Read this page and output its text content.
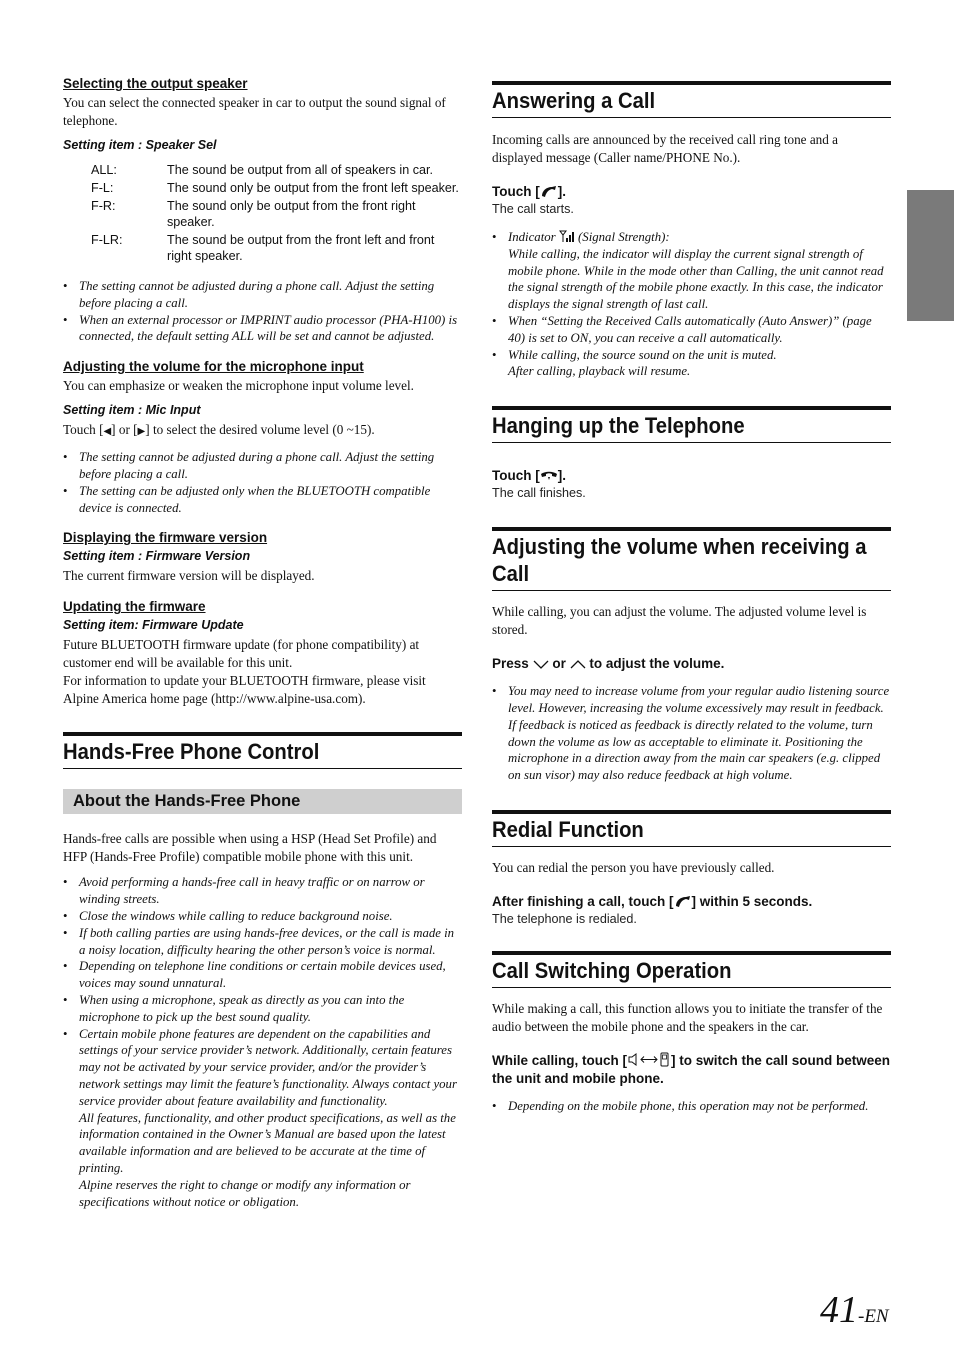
Selecting the output speaker

You can select the connected speaker in car to output the sound signal of telephone.

Setting item : Speaker Sel
ALL:	The sound be output from all of speakers in car.
F-L:	The sound only be output from the front left speaker.
F-R:	The sound only be output from the front right speaker.
F-LR:	The sound be output from the front left and front right speaker.
• The setting cannot be adjusted during a phone call. Adjust the setting before placing a call.
• When an external processor or IMPRINT audio processor (PHA-H100) is connected, the default setting ALL will be set and cannot be adjusted.
Adjusting the volume for the microphone input

You can emphasize or weaken the microphone input volume level.

Setting item : Mic Input

Touch [◀] or [▶] to select the desired volume level (0 ~15).

• The setting cannot be adjusted during a phone call. Adjust the setting before placing a call.
• The setting can be adjusted only when the BLUETOOTH compatible device is connected.
Displaying the firmware version
Setting item : Firmware Version

The current firmware version will be displayed.

Updating the firmware
Setting item: Firmware Update

Future BLUETOOTH firmware update (for phone compatibility) at customer end will be available for this unit.

For information to update your BLUETOOTH firmware, please visit Alpine America home page (http://www.alpine-usa.com).

Hands-Free Phone Control
About the Hands-Free Phone

Hands-free calls are possible when using a HSP (Head Set Profile) and HFP (Hands-Free Profile) compatible mobile phone with this unit.

• Avoid performing a hands-free call in heavy traffic or on narrow or winding streets.
• Close the windows while calling to reduce background noise.
• If both calling parties are using hands-free devices, or the call is made in a noisy location, difficulty hearing the other person’s voice is normal.
• Depending on telephone line conditions or certain mobile devices used, voices may sound unnatural.
• When using a microphone, speak as directly as you can into the microphone to pick up the best sound quality.
• Certain mobile phone features are dependent on the capabilities and settings of your service provider’s network. Additionally, certain features may not be activated by your service provider, and/or the provider’s network settings may limit the feature’s functionality. Always contact your service provider about feature availability and functionality.
All features, functionality, and other product specifications, as well as the information contained in the Owner’s Manual are based upon the latest available information and are believed to be accurate at the time of printing.
Alpine reserves the right to change or modify any information or specifications without notice or obligation.
Answering a Call

Incoming calls are announced by the received call ring tone and a displayed message (Caller name/PHONE No.).

Touch [ ].

The call starts.

• Indicator (Signal Strength):
While calling, the indicator will display the current signal strength of mobile phone. While in the mode other than Calling, the unit cannot read the signal strength of the mobile phone exactly. In this case, the indicator displays the signal strength of last call.
• When “Setting the Received Calls automatically (Auto Answer)” (page 40) is set to ON, you can receive a call automatically.
• While calling, the source sound on the unit is muted.
After calling, playback will resume.
Hanging up the Telephone

Touch [ ].

The call finishes.

Adjusting the volume when receiving a Call

While calling, you can adjust the volume. The adjusted volume level is stored.

Press or to adjust the volume.

• You may need to increase volume from your regular audio listening source level. However, increasing the volume excessively may result in feedback. If feedback is noticed as feedback is directly related to the volume, turn down the volume as low as acceptable to eliminate it. Positioning the microphone in a direction away from the main car speakers (e.g. clipped on sun visor) may also reduce feedback at high volume.
Redial Function

You can redial the person you have previously called.

After finishing a call, touch [ ] within 5 seconds.

The telephone is redialed.

Call Switching Operation

While making a call, this function allows you to initiate the transfer of the audio between the mobile phone and the speakers in the car.

While calling, touch [	] to switch the call sound between the unit and mobile phone.

• Depending on the mobile phone, this operation may not be performed.
41-EN
